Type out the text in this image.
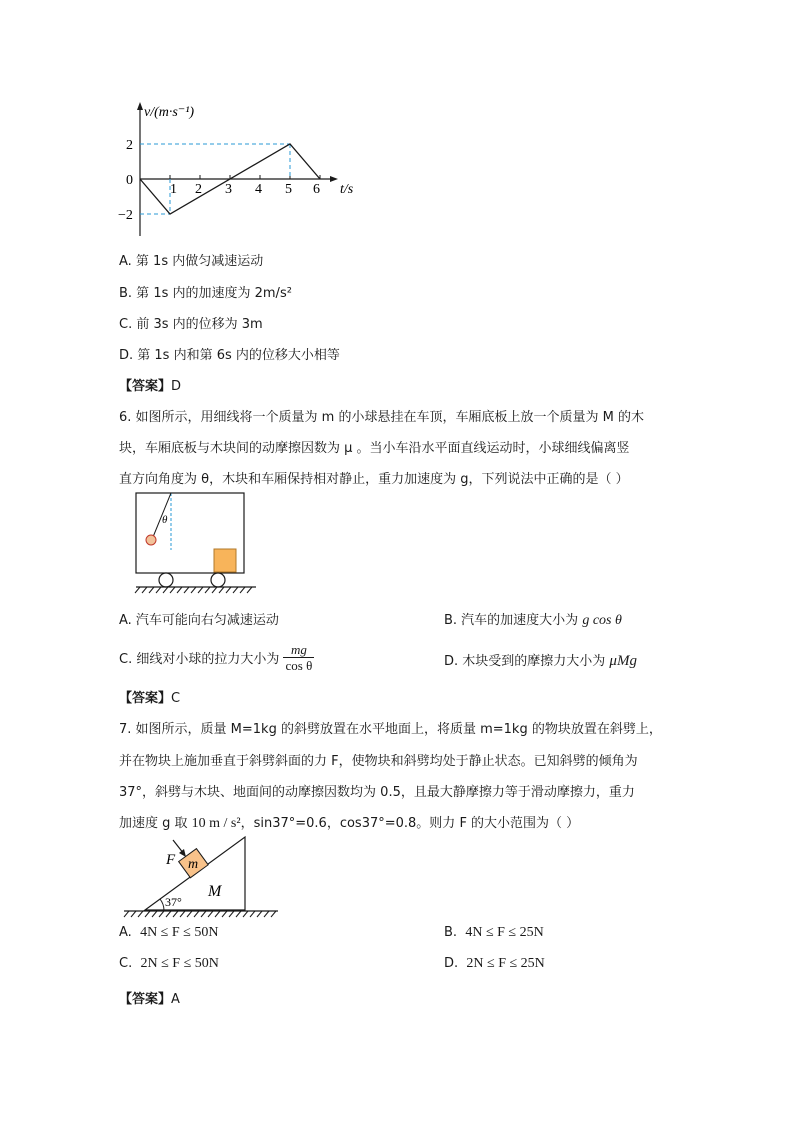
v/(m·s⁻¹)
2
0
−2
1 2 3 4 5 6 t/s
A. 第 1s 内做匀减速运动
B. 第 1s 内的加速度为 2m/s²
C. 前 3s 内的位移为 3m
D. 第 1s 内和第 6s 内的位移大小相等
【答案】D
6. 如图所示，用细线将一个质量为 m 的小球悬挂在车顶，车厢底板上放一个质量为 M 的木
块，车厢底板与木块间的动摩擦因数为 μ 。当小车沿水平面直线运动时，小球细线偏离竖
直方向角度为 θ，木块和车厢保持相对静止，重力加速度为 g，下列说法中正确的是（ ）
θ
A. 汽车可能向右匀减速运动	B. 汽车的加速度大小为 g cos θ
C. 细线对小球的拉力大小为 $\frac{mg}{\text{cos θ}}$	D. 木块受到的摩擦力大小为 μMg
【答案】C
7. 如图所示，质量 M=1kg 的斜劈放置在水平地面上，将质量 m=1kg 的物块放置在斜劈上，
并在物块上施加垂直于斜劈斜面的力 F，使物块和斜劈均处于静止状态。已知斜劈的倾角为
37°，斜劈与木块、地面间的动摩擦因数均为 0.5，且最大静摩擦力等于滑动摩擦力，重力
加速度 g 取 10 m / s²，sin37°=0.6，cos37°=0.8。则力 F 的大小范围为（ ）
m
F
M
37°
A. 4N ≤ F ≤ 50N	B. 4N ≤ F ≤ 25N
C. 2N ≤ F ≤ 50N	D. 2N ≤ F ≤ 25N
【答案】A
